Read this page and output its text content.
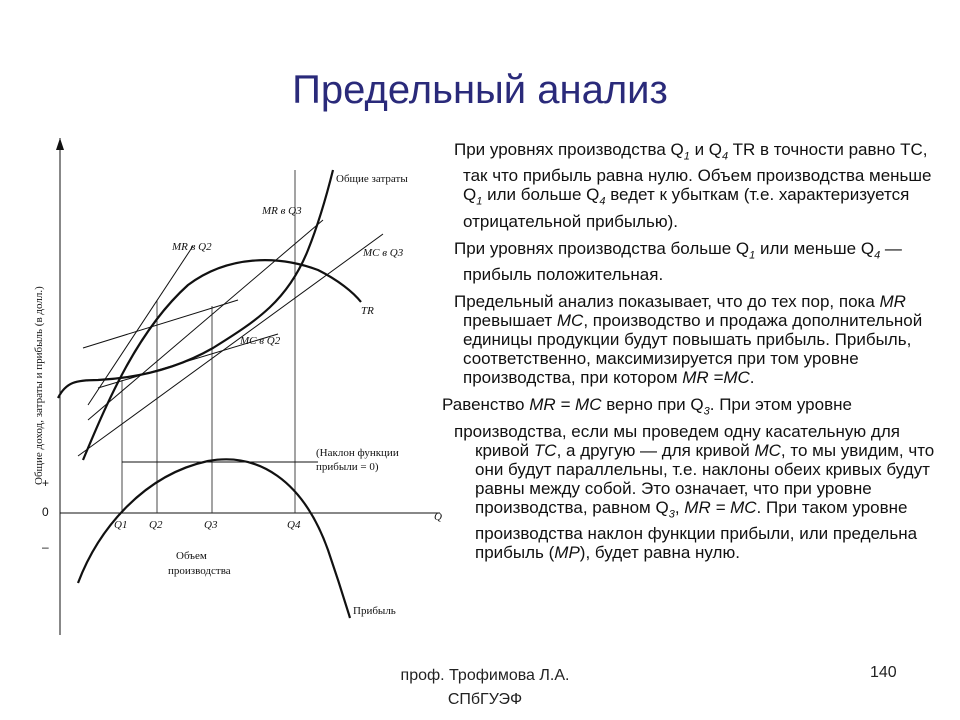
Предельный анализ
Общие доход, затраты и прибыль (в долл.)
+
0
–
Q
Общие затраты
MR в Q3
MR в Q2	MC в Q3
TR
MC в Q2
(Наклон функции
прибыли = 0)
Q1 Q2	Q3	Q4
Объем
производства
Прибыль

При уровнях производства $Q_1$ и $Q_4$ TR в точности равно TC, так что прибыль равна нулю. Объем производства меньше $Q_1$ или больше $Q_4$ ведет к убыткам (т.е. характеризуется отрицательной прибылью).

При уровнях производства больше $Q_1$ или меньше $Q_4$ — прибыль положительная.

Предельный анализ показывает, что до тех пор, пока MR превышает MC, производство и продажа дополнительной единицы продукции будут повышать прибыль. Прибыль, соответственно, максимизируется при том уровне производства, при котором MR =MC.

Равенство MR = MC верно при $Q_3$. При этом уровне

производства, если мы проведем одну касательную для кривой TC, а другую — для кривой MC, то мы увидим, что они будут параллельны, т.е. наклоны обеих кривых будут равны между собой. Это означает, что при уровне производства, равном $Q_3$, MR = MC. При таком уровне производства наклон функции прибыли, или предельна прибыль (MP), будет равна нулю.

проф. Трофимова Л.А.
СПбГУЭФ
140
